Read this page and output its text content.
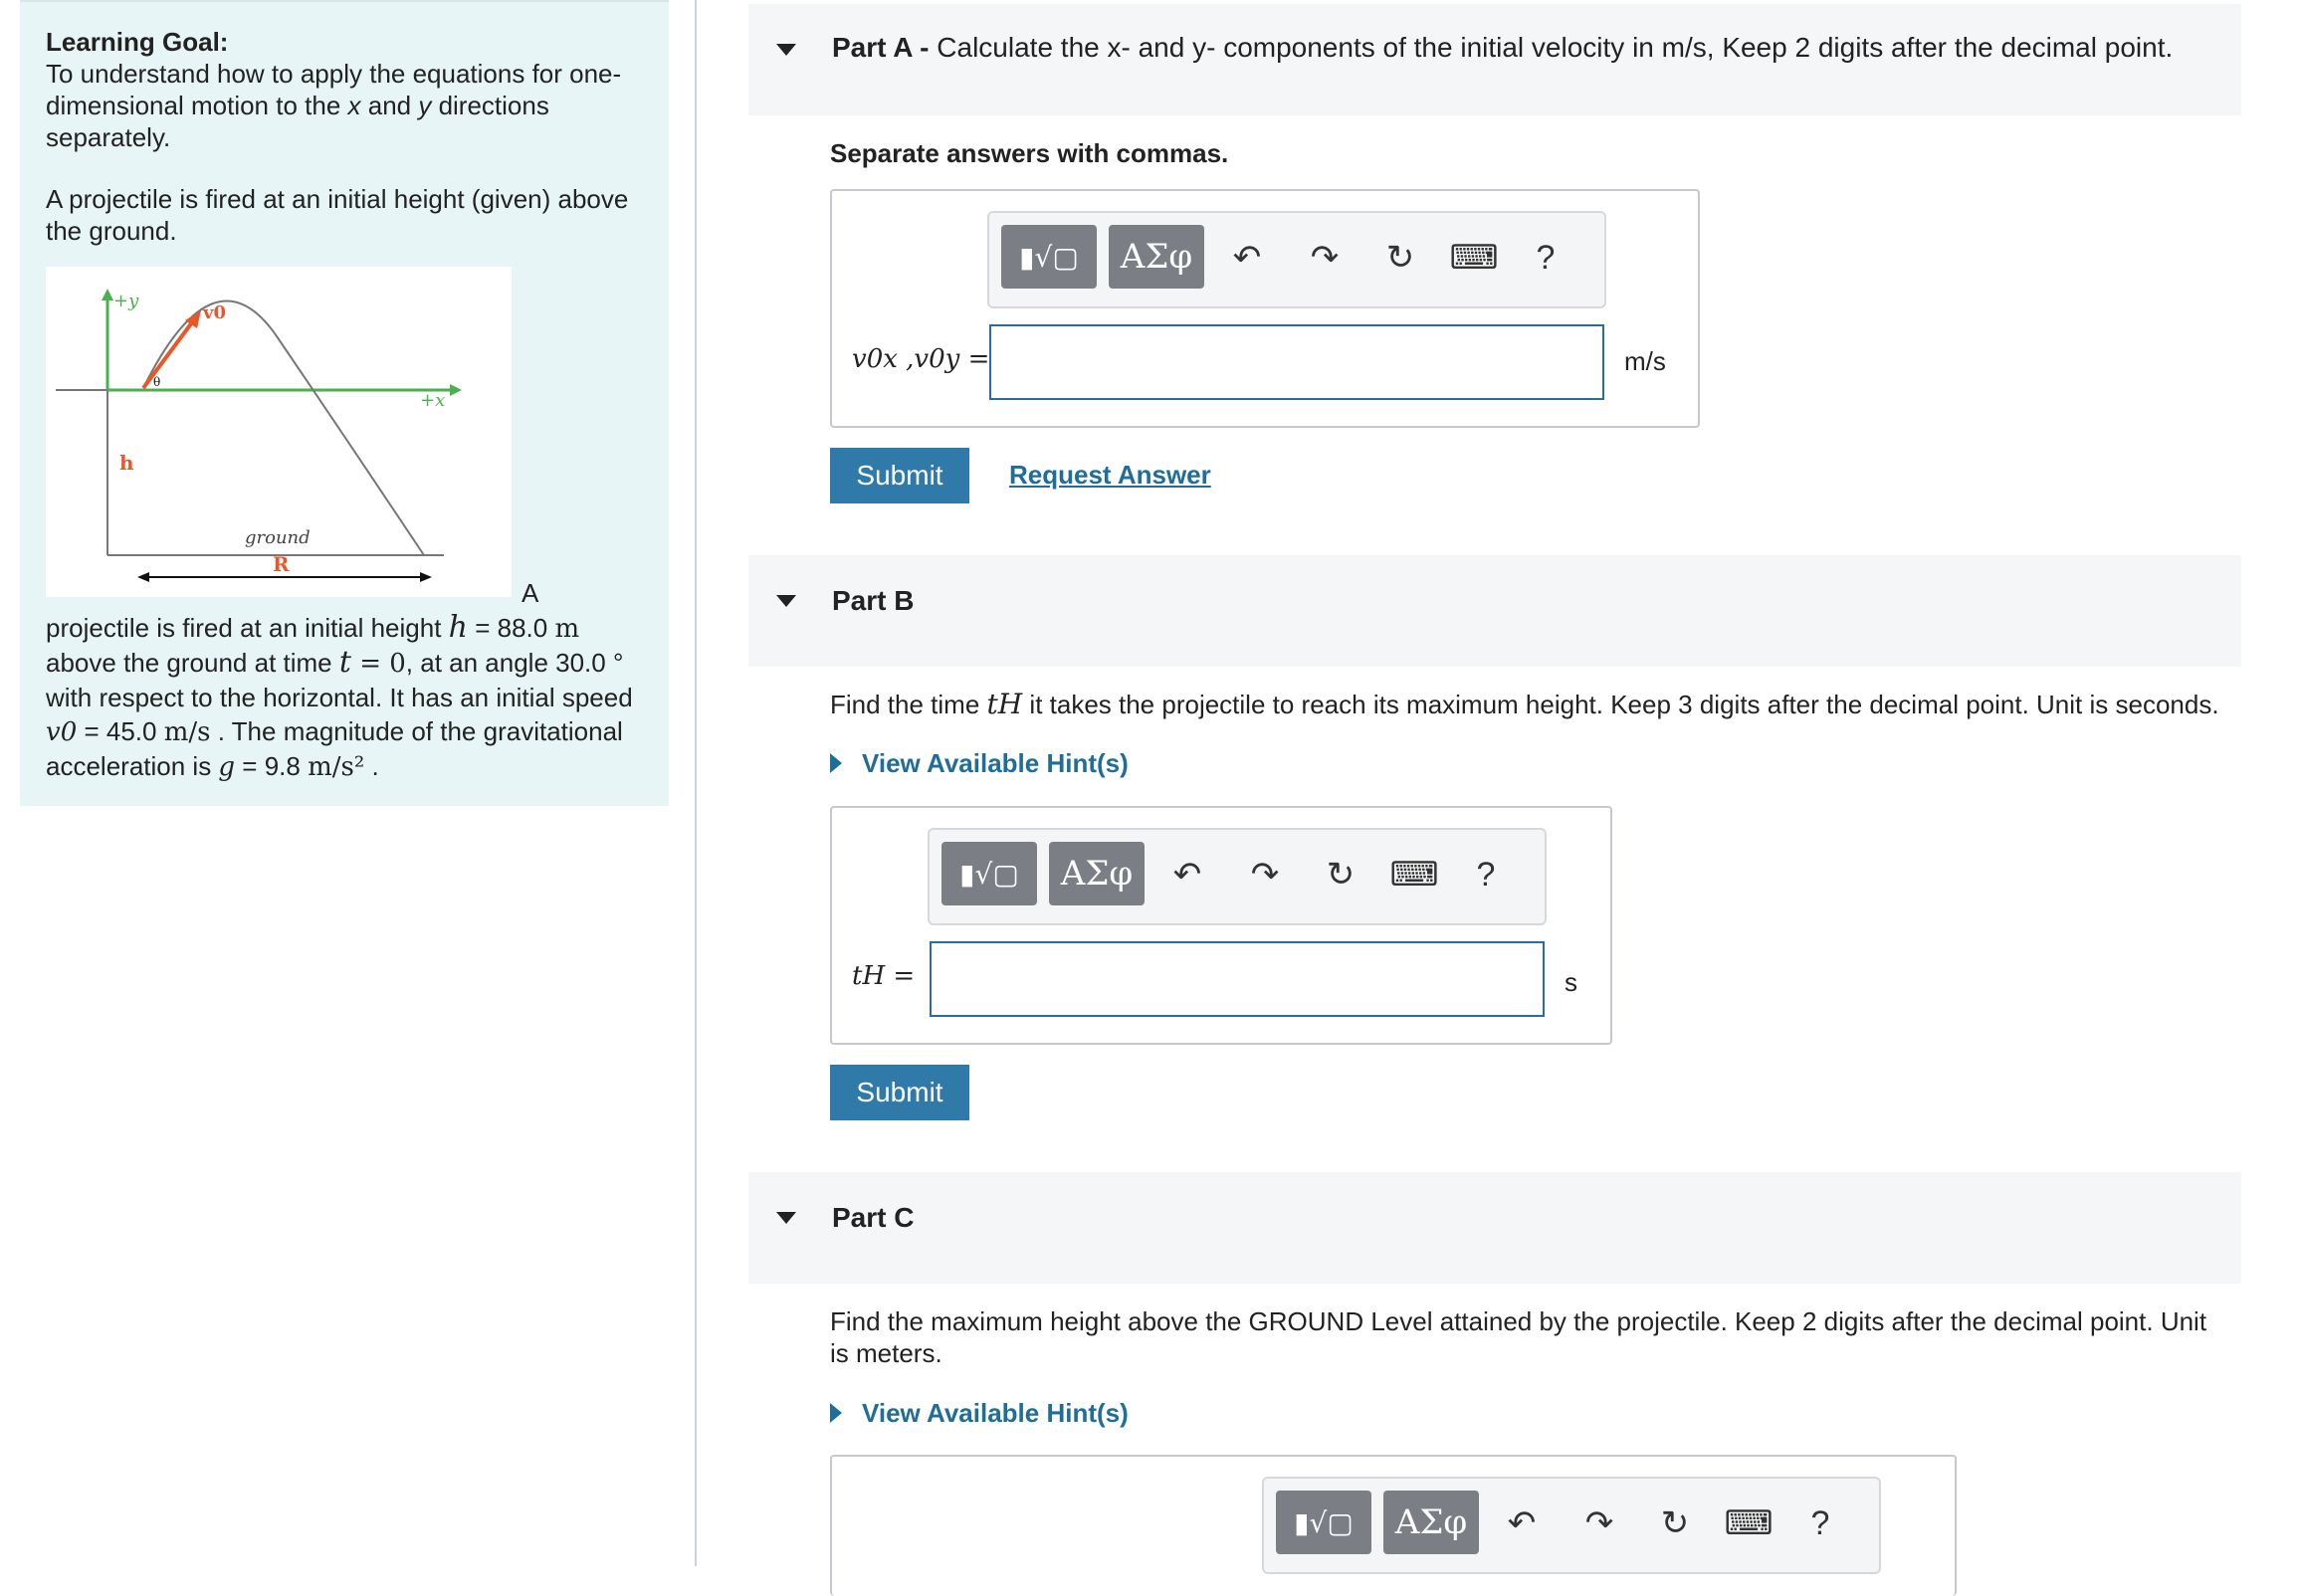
Learning Goal:
To understand how to apply the equations for one-dimensional motion to the x and y directions separately.
A projectile is fired at an initial height (given) above the ground.
+y
v0
θ
+x
h
ground
R
A
projectile is fired at an initial height h = 88.0 m
above the ground at time t = 0, at an angle 30.0 °
with respect to the horizontal. It has an initial speed
v0 = 45.0 m/s . The magnitude of the gravitational
acceleration is g = 9.8 m/s² .
Part A - Calculate the x- and y- components of the initial velocity in m/s, Keep 2 digits after the decimal point.
Separate answers with commas.
▮√▢ ΑΣφ ↶ ↷ ↻ ⌨	?
v0x ,v0y =	m/s
Submit	Request Answer
Part B
Find the time tH it takes the projectile to reach its maximum height. Keep 3 digits after the decimal point. Unit is seconds.
View Available Hint(s)
▮√▢ ΑΣφ ↶ ↷ ↻ ⌨	?
tH =	s
Submit
Part C
Find the maximum height above the GROUND Level attained by the projectile. Keep 2 digits after the decimal point. Unit
is meters.
View Available Hint(s)
▮√▢ ΑΣφ ↶ ↷ ↻ ⌨	?
